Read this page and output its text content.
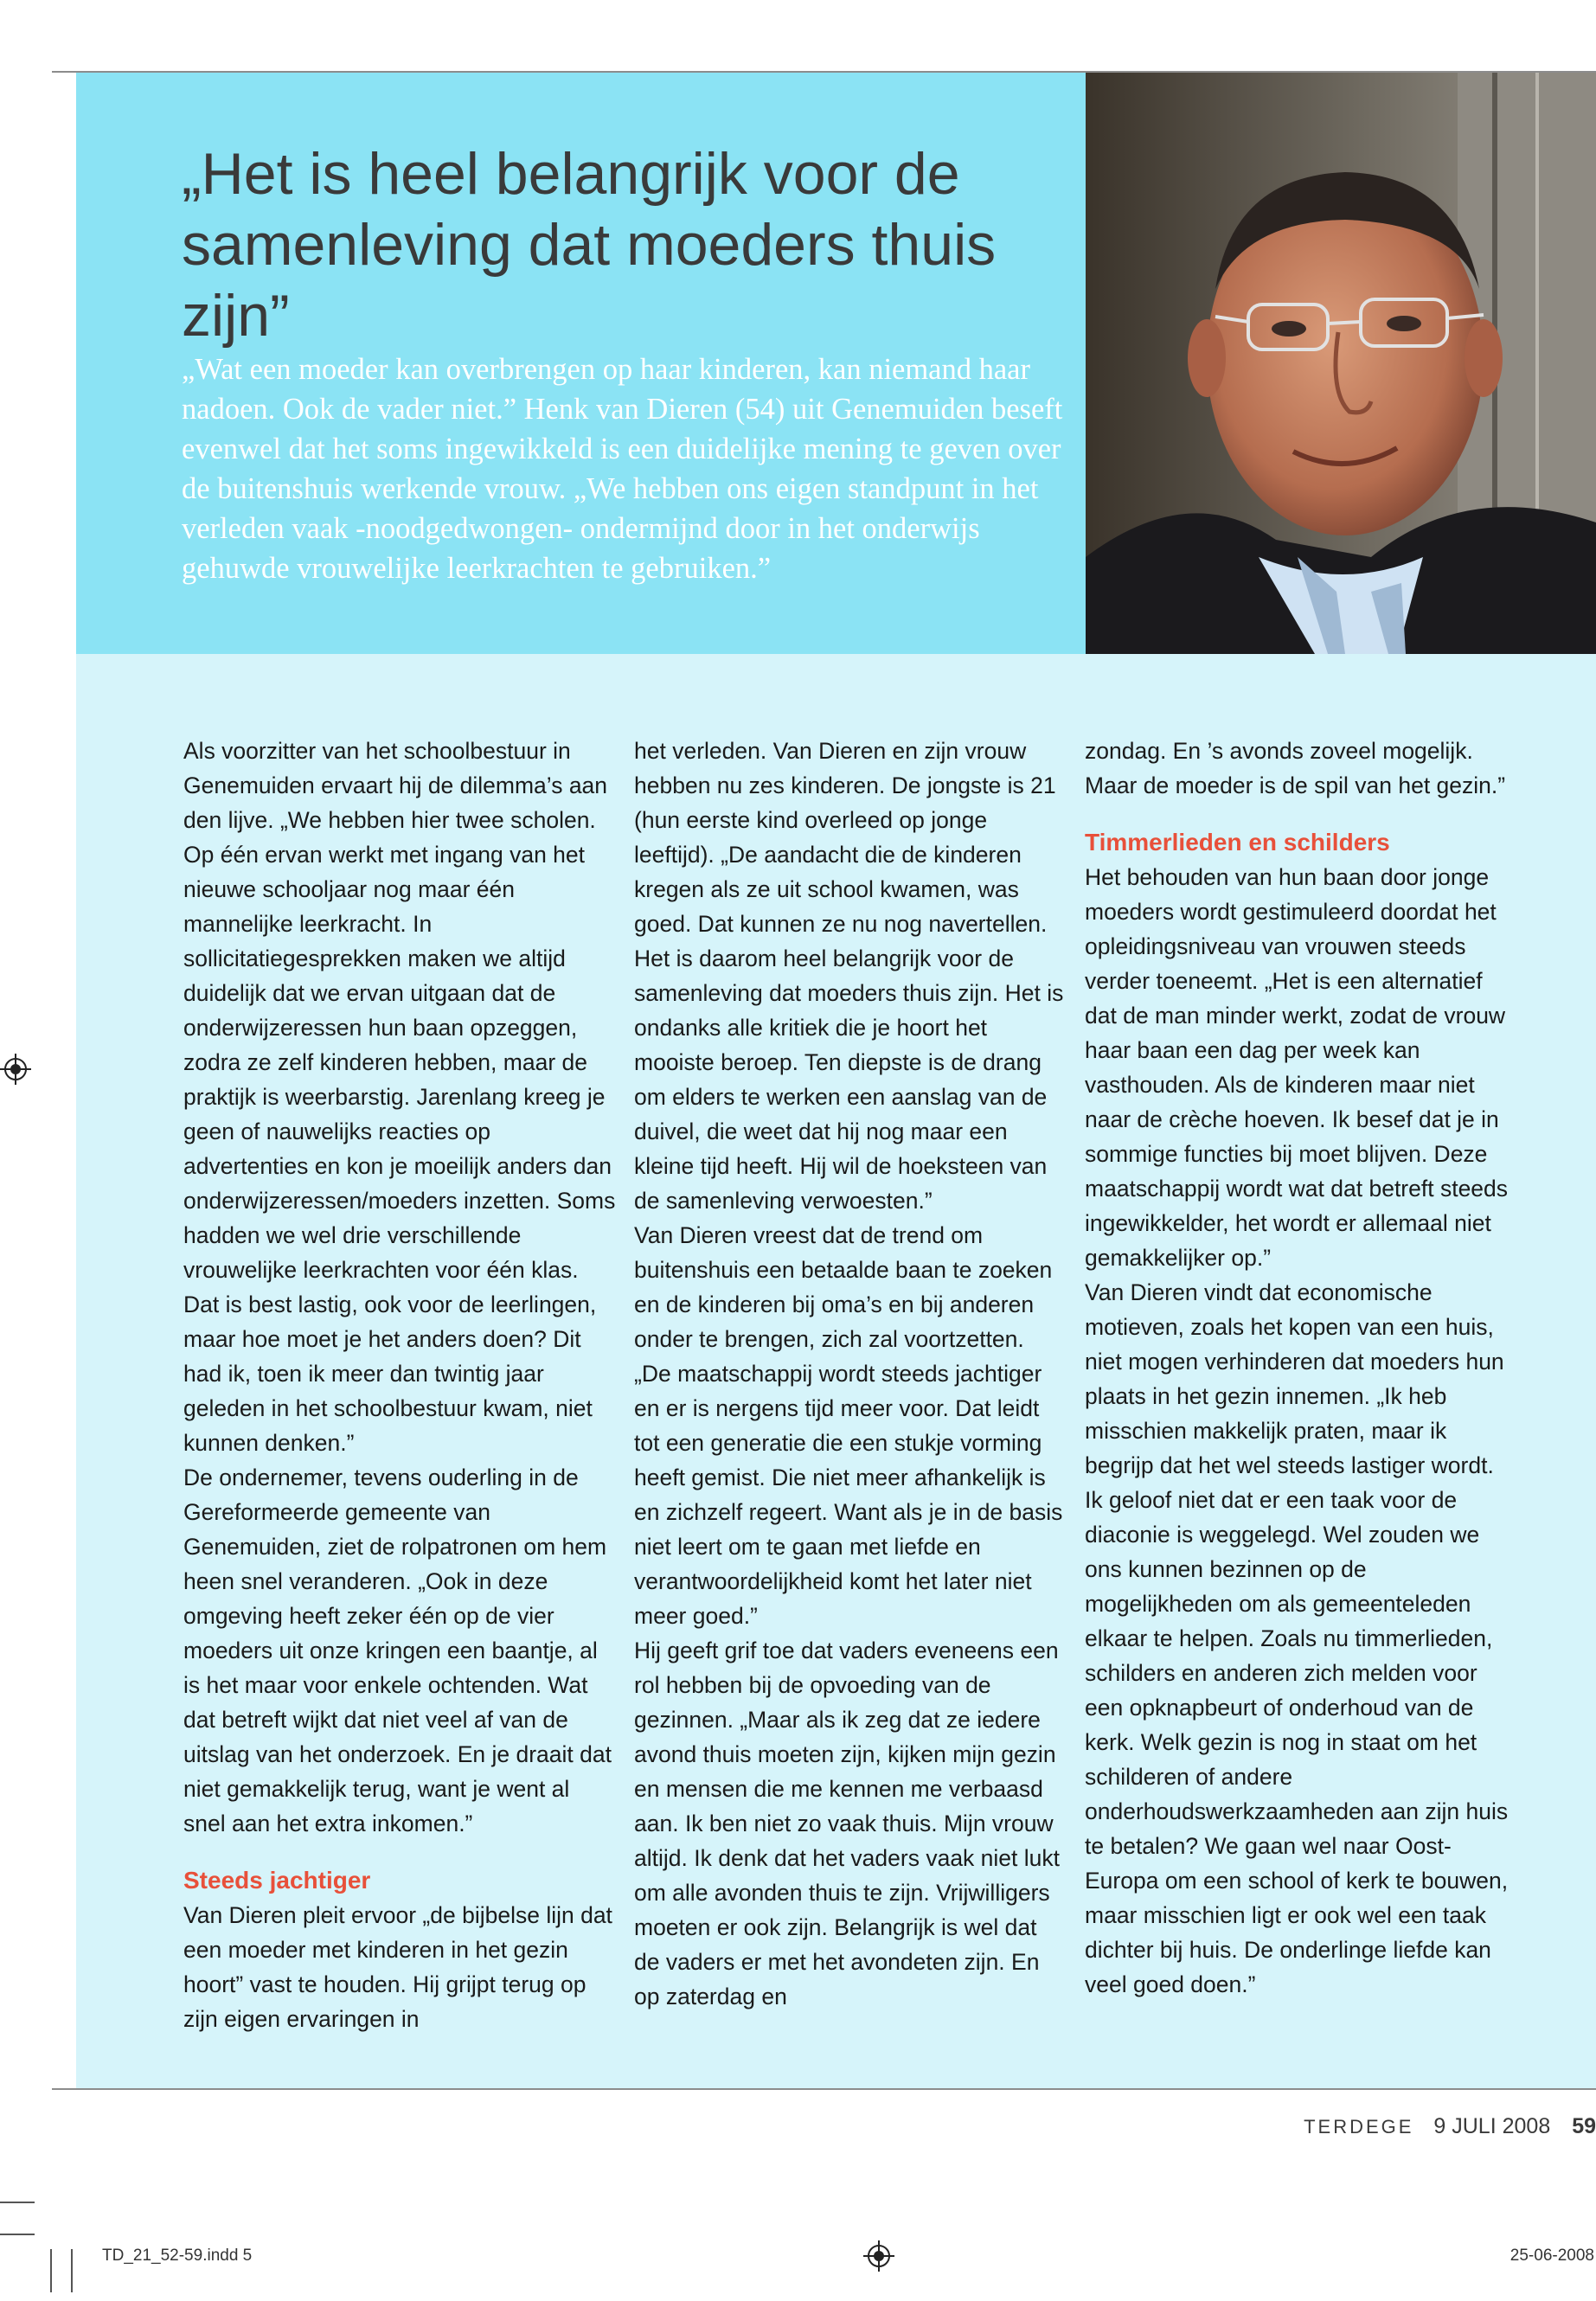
„Het is heel belangrijk voor de samenleving dat moeders thuis zijn”

„Wat een moeder kan overbrengen op haar kinderen, kan niemand haar nadoen. Ook de vader niet.” Henk van Dieren (54) uit Genemuiden beseft evenwel dat het soms ingewikkeld is een duidelijke mening te geven over de buitenshuis werkende vrouw. „We hebben ons eigen standpunt in het verleden vaak -noodgedwongen- ondermijnd door in het onderwijs gehuwde vrouwelijke leerkrachten te gebruiken.”

Als voorzitter van het schoolbestuur in Genemuiden ervaart hij de dilemma’s aan den lijve. „We hebben hier twee scholen. Op één ervan werkt met ingang van het nieuwe schooljaar nog maar één mannelijke leerkracht. In sollicitatiegesprekken maken we altijd duidelijk dat we ervan uitgaan dat de onderwijzeressen hun baan opzeggen, zodra ze zelf kinderen hebben, maar de praktijk is weerbarstig. Jarenlang kreeg je geen of nauwelijks reacties op advertenties en kon je moeilijk anders dan onderwijzeressen/moeders inzetten. Soms hadden we wel drie verschillende vrouwelijke leerkrachten voor één klas. Dat is best lastig, ook voor de leerlingen, maar hoe moet je het anders doen? Dit had ik, toen ik meer dan twintig jaar geleden in het schoolbestuur kwam, niet kunnen denken.”

De ondernemer, tevens ouderling in de Gereformeerde gemeente van Genemuiden, ziet de rolpatronen om hem heen snel veranderen. „Ook in deze omgeving heeft zeker één op de vier moeders uit onze kringen een baantje, al is het maar voor enkele ochtenden. Wat dat betreft wijkt dat niet veel af van de uitslag van het onderzoek. En je draait dat niet gemakkelijk terug, want je went al snel aan het extra inkomen.”

Steeds jachtiger

Van Dieren pleit ervoor „de bijbelse lijn dat een moeder met kinderen in het gezin hoort” vast te houden. Hij grijpt terug op zijn eigen ervaringen in

het verleden. Van Dieren en zijn vrouw hebben nu zes kinderen. De jongste is 21 (hun eerste kind overleed op jonge leeftijd). „De aandacht die de kinderen kregen als ze uit school kwamen, was goed. Dat kunnen ze nu nog navertellen. Het is daarom heel belangrijk voor de samenleving dat moeders thuis zijn. Het is ondanks alle kritiek die je hoort het mooiste beroep. Ten diepste is de drang om elders te werken een aanslag van de duivel, die weet dat hij nog maar een kleine tijd heeft. Hij wil de hoeksteen van de samenleving verwoesten.”

Van Dieren vreest dat de trend om buitenshuis een betaalde baan te zoeken en de kinderen bij oma’s en bij anderen onder te brengen, zich zal voortzetten. „De maatschappij wordt steeds jachtiger en er is nergens tijd meer voor. Dat leidt tot een generatie die een stukje vorming heeft gemist. Die niet meer afhankelijk is en zichzelf regeert. Want als je in de basis niet leert om te gaan met liefde en verantwoordelijkheid komt het later niet meer goed.”

Hij geeft grif toe dat vaders eveneens een rol hebben bij de opvoeding van de gezinnen. „Maar als ik zeg dat ze iedere avond thuis moeten zijn, kijken mijn gezin en mensen die me kennen me verbaasd aan. Ik ben niet zo vaak thuis. Mijn vrouw altijd. Ik denk dat het vaders vaak niet lukt om alle avonden thuis te zijn. Vrijwilligers moeten er ook zijn. Belangrijk is wel dat de vaders er met het avondeten zijn. En op zaterdag en

zondag. En ’s avonds zoveel mogelijk. Maar de moeder is de spil van het gezin.”

Timmerlieden en schilders

Het behouden van hun baan door jonge moeders wordt gestimuleerd doordat het opleidingsniveau van vrouwen steeds verder toeneemt. „Het is een alternatief dat de man minder werkt, zodat de vrouw haar baan een dag per week kan vasthouden. Als de kinderen maar niet naar de crèche hoeven. Ik besef dat je in sommige functies bij moet blijven. Deze maatschappij wordt wat dat betreft steeds ingewikkelder, het wordt er allemaal niet gemakkelijker op.”

Van Dieren vindt dat economische motieven, zoals het kopen van een huis, niet mogen verhinderen dat moeders hun plaats in het gezin innemen. „Ik heb misschien makkelijk praten, maar ik begrijp dat het wel steeds lastiger wordt. Ik geloof niet dat er een taak voor de diaconie is weggelegd. Wel zouden we ons kunnen bezinnen op de mogelijkheden om als gemeenteleden elkaar te helpen. Zoals nu timmerlieden, schilders en anderen zich melden voor een opknapbeurt of onderhoud van de kerk. Welk gezin is nog in staat om het schilderen of andere onderhoudswerkzaamheden aan zijn huis te betalen? We gaan wel naar Oost-Europa om een school of kerk te bouwen, maar misschien ligt er ook wel een taak dichter bij huis. De onderlinge liefde kan veel goed doen.”

TERDEGE 9 JULI 2008 59
TD_21_52-59.indd 5	25-06-2008
